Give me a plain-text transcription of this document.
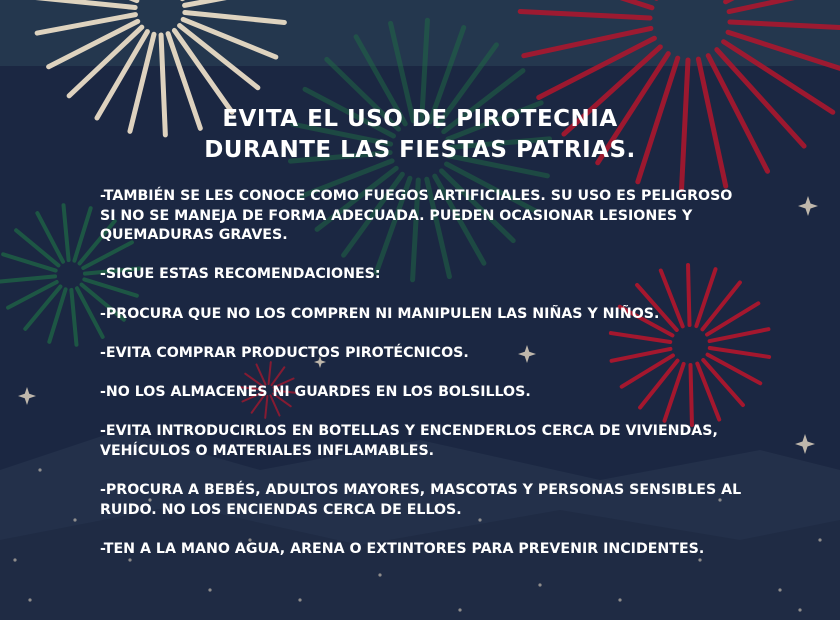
EVITA EL USO DE PIROTECNIA
DURANTE LAS FIESTAS PATRIAS.

-TAMBIÉN SE LES CONOCE COMO FUEGOS ARTIFICIALES. SU USO ES PELIGROSO

SI NO SE MANEJA DE FORMA ADECUADA. PUEDEN OCASIONAR LESIONES Y

QUEMADURAS GRAVES.

-SIGUE ESTAS RECOMENDACIONES:

-PROCURA QUE NO LOS COMPREN NI MANIPULEN LAS NIÑAS Y NIÑOS.

-EVITA COMPRAR PRODUCTOS PIROTÉCNICOS.

-NO LOS ALMACENES NI GUARDES EN LOS BOLSILLOS.

-EVITA INTRODUCIRLOS EN BOTELLAS Y ENCENDERLOS CERCA DE VIVIENDAS,

VEHÍCULOS O MATERIALES INFLAMABLES.

-PROCURA A BEBÉS, ADULTOS MAYORES, MASCOTAS Y PERSONAS SENSIBLES AL

RUIDO. NO LOS ENCIENDAS CERCA DE ELLOS.

-TEN A LA MANO AGUA, ARENA O EXTINTORES PARA PREVENIR INCIDENTES.
